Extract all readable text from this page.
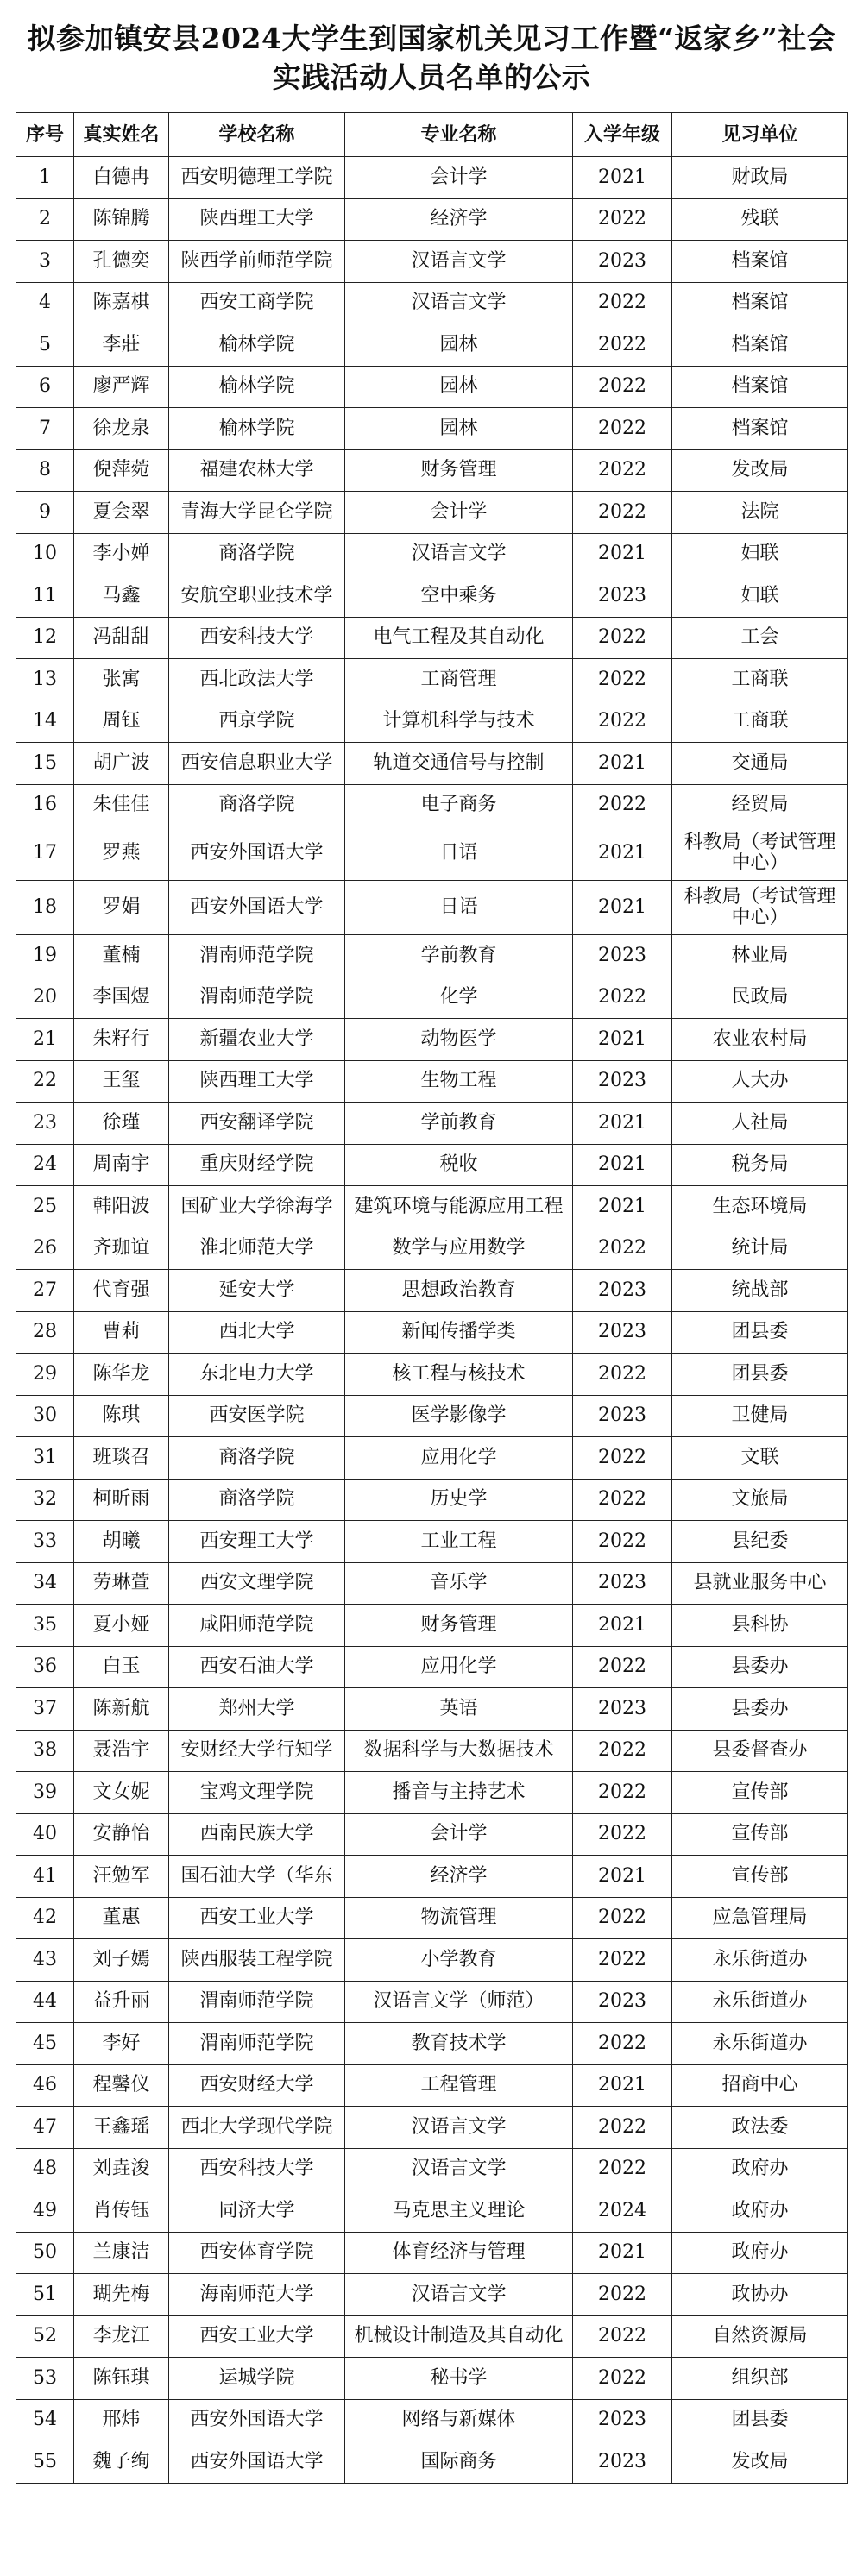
拟参加镇安县2024大学生到国家机关见习工作暨“返家乡”社会
实践活动人员名单的公示
序号	真实姓名	学校名称	专业名称	入学年级	见习单位
1	白德冉	西安明德理工学院	会计学	2021	财政局
2	陈锦腾	陕西理工大学	经济学	2022	残联
3	孔德奕	陕西学前师范学院	汉语言文学	2023	档案馆
4	陈嘉棋	西安工商学院	汉语言文学	2022	档案馆
5	李莊	榆林学院	园林	2022	档案馆
6	廖严辉	榆林学院	园林	2022	档案馆
7	徐龙泉	榆林学院	园林	2022	档案馆
8	倪萍菀	福建农林大学	财务管理	2022	发改局
9	夏会翠	青海大学昆仑学院	会计学	2022	法院
10	李小婵	商洛学院	汉语言文学	2021	妇联
11	马鑫	安航空职业技术学	空中乘务	2023	妇联
12	冯甜甜	西安科技大学	电气工程及其自动化	2022	工会
13	张寓	西北政法大学	工商管理	2022	工商联
14	周钰	西京学院	计算机科学与技术	2022	工商联
15	胡广波	西安信息职业大学	轨道交通信号与控制	2021	交通局
16	朱佳佳	商洛学院	电子商务	2022	经贸局
17	罗燕	西安外国语大学	日语	2021	科教局（考试管理中心）
18	罗娟	西安外国语大学	日语	2021	科教局（考试管理中心）
19	董楠	渭南师范学院	学前教育	2023	林业局
20	李国煜	渭南师范学院	化学	2022	民政局
21	朱籽行	新疆农业大学	动物医学	2021	农业农村局
22	王玺	陕西理工大学	生物工程	2023	人大办
23	徐瑾	西安翻译学院	学前教育	2021	人社局
24	周南宇	重庆财经学院	税收	2021	税务局
25	韩阳波	国矿业大学徐海学	建筑环境与能源应用工程	2021	生态环境局
26	齐珈谊	淮北师范大学	数学与应用数学	2022	统计局
27	代育强	延安大学	思想政治教育	2023	统战部
28	曹莉	西北大学	新闻传播学类	2023	团县委
29	陈华龙	东北电力大学	核工程与核技术	2022	团县委
30	陈琪	西安医学院	医学影像学	2023	卫健局
31	班琰召	商洛学院	应用化学	2022	文联
32	柯昕雨	商洛学院	历史学	2022	文旅局
33	胡曦	西安理工大学	工业工程	2022	县纪委
34	劳琳萱	西安文理学院	音乐学	2023	县就业服务中心
35	夏小娅	咸阳师范学院	财务管理	2021	县科协
36	白玉	西安石油大学	应用化学	2022	县委办
37	陈新航	郑州大学	英语	2023	县委办
38	聂浩宇	安财经大学行知学	数据科学与大数据技术	2022	县委督查办
39	文女妮	宝鸡文理学院	播音与主持艺术	2022	宣传部
40	安静怡	西南民族大学	会计学	2022	宣传部
41	汪勉军	国石油大学（华东	经济学	2021	宣传部
42	董惠	西安工业大学	物流管理	2022	应急管理局
43	刘子嫣	陕西服装工程学院	小学教育	2022	永乐街道办
44	益升丽	渭南师范学院	汉语言文学（师范）	2023	永乐街道办
45	李好	渭南师范学院	教育技术学	2022	永乐街道办
46	程馨仪	西安财经大学	工程管理	2021	招商中心
47	王鑫瑶	西北大学现代学院	汉语言文学	2022	政法委
48	刘垚浚	西安科技大学	汉语言文学	2022	政府办
49	肖传钰	同济大学	马克思主义理论	2024	政府办
50	兰康洁	西安体育学院	体育经济与管理	2021	政府办
51	瑚先梅	海南师范大学	汉语言文学	2022	政协办
52	李龙江	西安工业大学	机械设计制造及其自动化	2022	自然资源局
53	陈钰琪	运城学院	秘书学	2022	组织部
54	邢炜	西安外国语大学	网络与新媒体	2023	团县委
55	魏子绚	西安外国语大学	国际商务	2023	发改局
